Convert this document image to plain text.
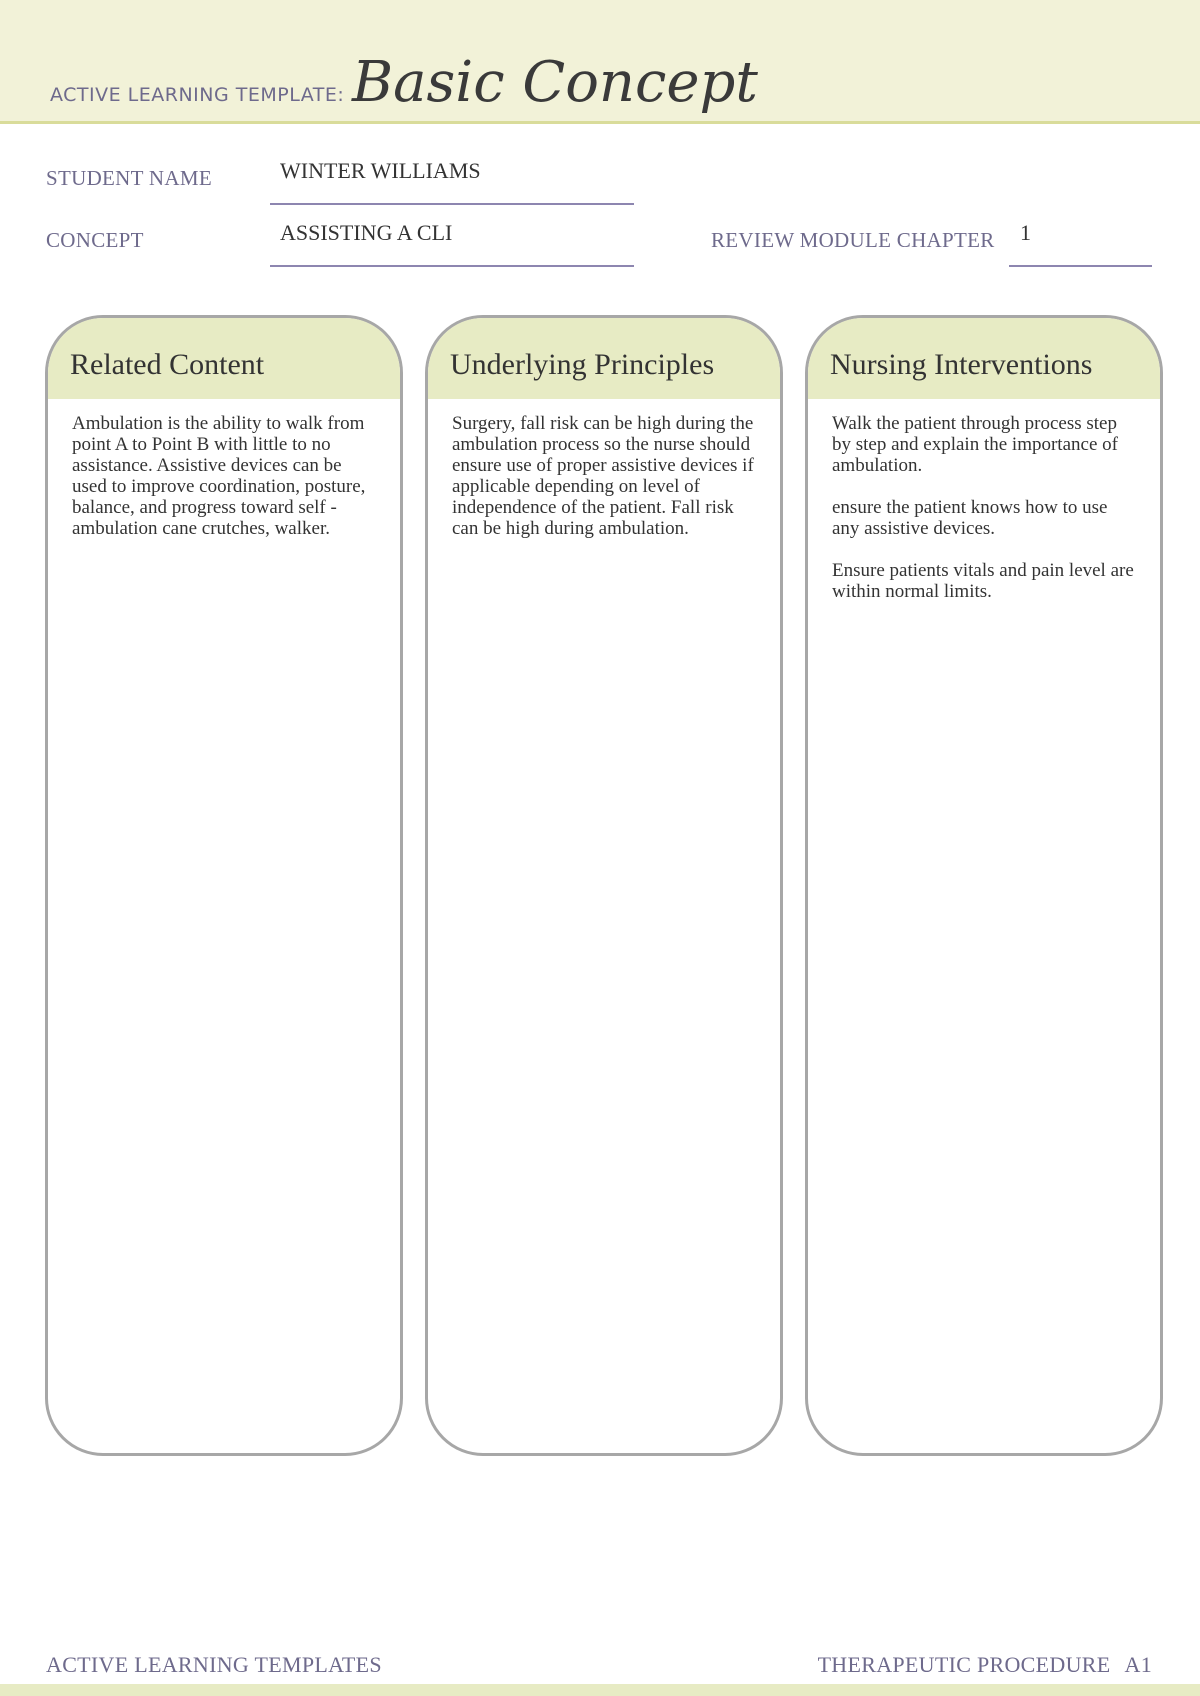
ACTIVE LEARNING TEMPLATE: Basic Concept
STUDENT NAME	WINTER WILLIAMS
CONCEPT	ASSISTING A CLI	REVIEW MODULE CHAPTER 1
Related Content

Ambulation is the ability to walk from point A to Point B with little to no assistance. Assistive devices can be used to improve coordination, posture, balance, and progress toward self -ambulation cane crutches, walker.

Underlying Principles

Surgery, fall risk can be high during the ambulation process so the nurse should ensure use of proper assistive devices if applicable depending on level of independence of the patient. Fall risk can be high during ambulation.

Nursing Interventions

Walk the patient through process step by step and explain the importance of ambulation.

ensure the patient knows how to use any assistive devices.

Ensure patients vitals and pain level are within normal limits.

ACTIVE LEARNING TEMPLATES	THERAPEUTIC PROCEDURE A1
